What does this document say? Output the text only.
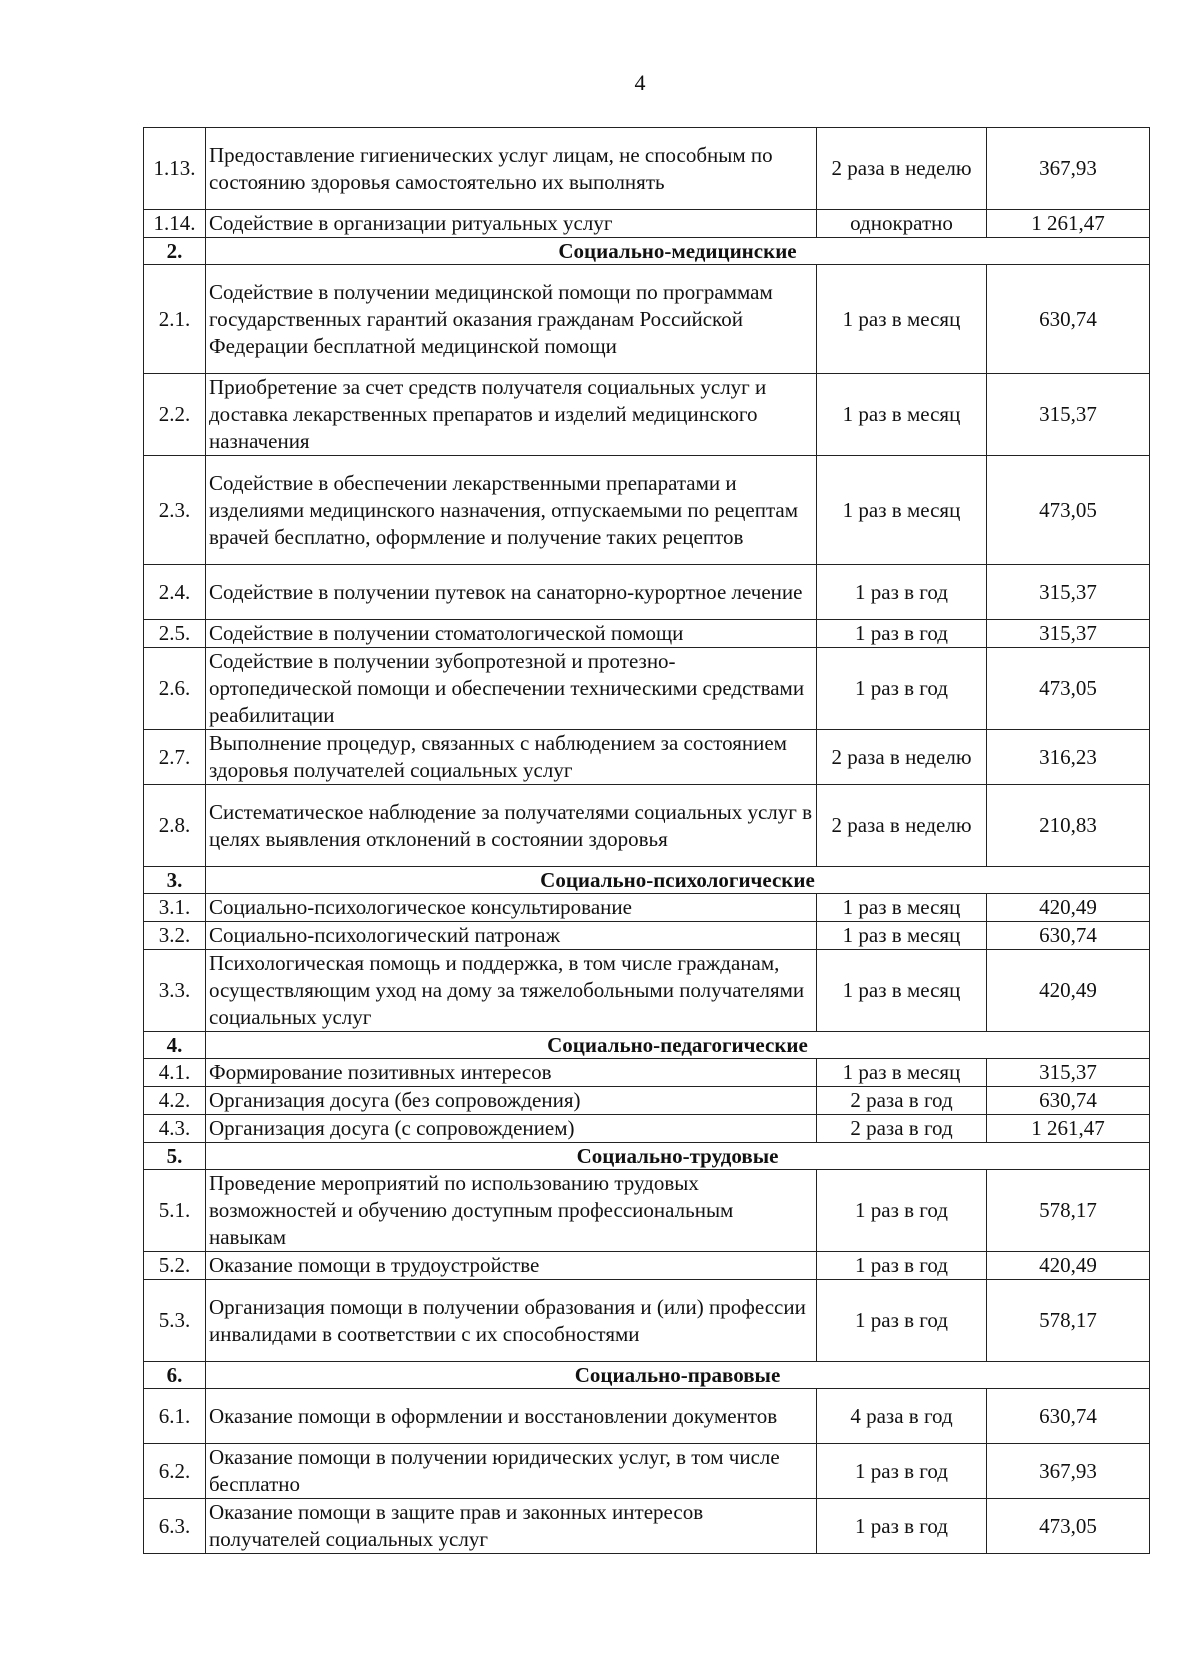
4
1.13.	Предоставление гигиенических услуг лицам, не способным по состоянию здоровья самостоятельно их выполнять	2 раза в неделю	367,93
1.14.	Содействие в организации ритуальных услуг	однократно	1 261,47
2.	Социально-медицинские		
2.1.	Содействие в получении медицинской помощи по программам государственных гарантий оказания гражданам Российской Федерации бесплатной медицинской помощи	1 раз в месяц	630,74
2.2.	Приобретение за счет средств получателя социальных услуг и доставка лекарственных препаратов и изделий медицинского назначения	1 раз в месяц	315,37
2.3.	Содействие в обеспечении лекарственными препаратами и изделиями медицинского назначения, отпускаемыми по рецептам врачей бесплатно, оформление и получение таких рецептов	1 раз в месяц	473,05
2.4.	Содействие в получении путевок на санаторно-курортное лечение	1 раз в год	315,37
2.5.	Содействие в получении стоматологической помощи	1 раз в год	315,37
2.6.	Содействие в получении зубопротезной и протезно-ортопедической помощи и обеспечении техническими средствами реабилитации	1 раз в год	473,05
2.7.	Выполнение процедур, связанных с наблюдением за состоянием здоровья получателей социальных услуг	2 раза в неделю	316,23
2.8.	Систематическое наблюдение за получателями социальных услуг в целях выявления отклонений в состоянии здоровья	2 раза в неделю	210,83
3.	Социально-психологические		
3.1.	Социально-психологическое консультирование	1 раз в месяц	420,49
3.2.	Социально-психологический патронаж	1 раз в месяц	630,74
3.3.	Психологическая помощь и поддержка, в том числе гражданам, осуществляющим уход на дому за тяжелобольными получателями социальных услуг	1 раз в месяц	420,49
4.	Социально-педагогические		
4.1.	Формирование позитивных интересов	1 раз в месяц	315,37
4.2.	Организация досуга (без сопровождения)	2 раза в год	630,74
4.3.	Организация досуга (с сопровождением)	2 раза в год	1 261,47
5.	Социально-трудовые		
5.1.	Проведение мероприятий по использованию трудовых возможностей и обучению доступным профессиональным навыкам	1 раз в год	578,17
5.2.	Оказание помощи в трудоустройстве	1 раз в год	420,49
5.3.	Организация помощи в получении образования и (или) профессии инвалидами в соответствии с их способностями	1 раз в год	578,17
6.	Социально-правовые		
6.1.	Оказание помощи в оформлении и восстановлении документов	4 раза в год	630,74
6.2.	Оказание помощи в получении юридических услуг, в том числе бесплатно	1 раз в год	367,93
6.3.	Оказание помощи в защите прав и законных интересов получателей социальных услуг	1 раз в год	473,05
